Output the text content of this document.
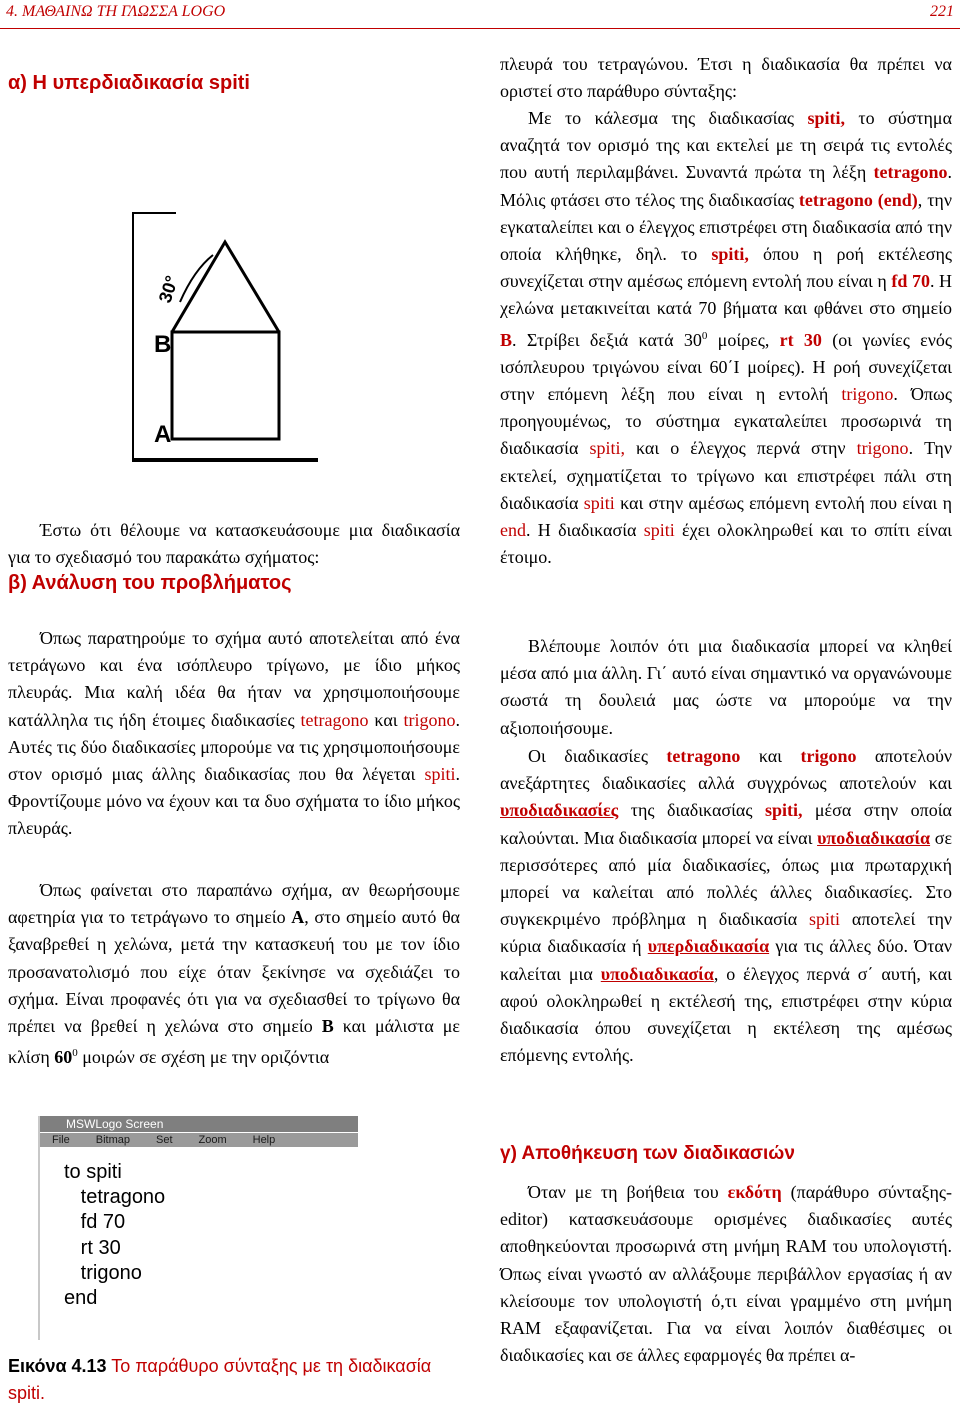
4. ΜΑΘΑΙΝΩ ΤΗ ΓΛΩΣΣΑ LOGO	221
α) Η υπερδιαδικασία spiti
30°
B
A

Έστω ότι θέλουμε να κατασκευάσουμε μια διαδικασία για το σχεδιασμό του παρακάτω σχήματος:

β) Ανάλυση του προβλήματος

Όπως παρατηρούμε το σχήμα αυτό αποτελείται από ένα τετράγωνο και ένα ισόπλευρο τρίγωνο, με ίδιο μήκος πλευράς. Μια καλή ιδέα θα ήταν να χρησιμοποιήσουμε κατάλληλα τις ήδη έτοιμες διαδικασίες tetragono και trigono. Αυτές τις δύο διαδικασίες μπορούμε να τις χρησιμοποιήσουμε στον ορισμό μιας άλλης διαδικασίας που θα λέγεται spiti. Φροντίζουμε μόνο να έχουν και τα δυο σχήματα το ίδιο μήκος πλευράς.

Όπως φαίνεται στο παραπάνω σχήμα, αν θεωρήσουμε αφετηρία για το τετράγωνο το σημείο A, στο σημείο αυτό θα ξαναβρεθεί η χελώνα, μετά την κατασκευή του με τον ίδιο προσανατολισμό που είχε όταν ξεκίνησε να σχεδιάζει το σχήμα. Είναι προφανές ότι για να σχεδιασθεί το τρίγωνο θα πρέπει να βρεθεί η χελώνα στο σημείο B και μάλιστα με κλίση $60^0$ μοιρών σε σχέση με την οριζόντια

MSWLogo Screen
File Bitmap Set Zoom Help
to spiti
tetragono
fd 70
rt 30
trigono
end
Εικόνα 4.13 Το παράθυρο σύνταξης με τη διαδικασία spiti.

πλευρά του τετραγώνου. Έτσι η διαδικασία θα πρέπει να οριστεί στο παράθυρο σύνταξης:

Με το κάλεσμα της διαδικασίας spiti, το σύστημα αναζητά τον ορισμό της και εκτελεί με τη σειρά τις εντολές που αυτή περιλαμβάνει. Συναντά πρώτα τη λέξη tetragono. Μόλις φτάσει στο τέλος της διαδικασίας tetragono (end), την εγκαταλείπει και ο έλεγχος επιστρέφει στη διαδικασία από την οποία κλήθηκε, δηλ. το spiti, όπου η ροή εκτέλεσης συνεχίζεται στην αμέσως επόμενη εντολή που είναι η fd 70. Η χελώνα μετακινείται κατά 70 βήματα και φθάνει στο σημείο B. Στρίβει δεξιά κατά $30^0$ μοίρες, rt 30 (οι γωνίες ενός ισόπλευρου τριγώνου είναι 60΄Ι μοίρες). Η ροή συνεχίζεται στην επόμενη λέξη που είναι η εντολή trigono. Όπως προηγουμένως, το σύστημα εγκαταλείπει προσωρινά τη διαδικασία spiti, και ο έλεγχος περνά στην trigono. Την εκτελεί, σχηματίζεται το τρίγωνο και επιστρέφει πάλι στη διαδικασία spiti και στην αμέσως επόμενη εντολή που είναι η end. Η διαδικασία spiti έχει ολοκληρωθεί και το σπίτι είναι έτοιμο.

Βλέπουμε λοιπόν ότι μια διαδικασία μπορεί να κληθεί μέσα από μια άλλη. Γι΄ αυτό είναι σημαντικό να οργανώνουμε σωστά τη δουλειά μας ώστε να μπορούμε να την αξιοποιήσουμε.

Οι διαδικασίες tetragono και trigono αποτελούν ανεξάρτητες διαδικασίες αλλά συγχρόνως αποτελούν και υποδιαδικασίες της διαδικασίας spiti, μέσα στην οποία καλούνται. Μια διαδικασία μπορεί να είναι υποδιαδικασία σε περισσότερες από μία διαδικασίες, όπως μια πρωταρχική μπορεί να καλείται από πολλές άλλες διαδικασίες. Στο συγκεκριμένο πρόβλημα η διαδικασία spiti αποτελεί την κύρια διαδικασία ή υπερδιαδικασία για τις άλλες δύο. Όταν καλείται μια υποδιαδικασία, ο έλεγχος περνά σ΄ αυτή, και αφού ολοκληρωθεί η εκτέλεσή της, επιστρέφει στην κύρια διαδικασία όπου συνεχίζεται η εκτέλεση της αμέσως επόμενης εντολής.

γ) Αποθήκευση των διαδικασιών

Όταν με τη βοήθεια του εκδότη (παράθυρο σύνταξης-editor) κατασκευάσουμε ορισμένες διαδικασίες αυτές αποθηκεύονται προσωρινά στη μνήμη RAM του υπολογιστή. Όπως είναι γνωστό αν αλλάξουμε περιβάλλον εργασίας ή αν κλείσουμε τον υπολογιστή ό,τι είναι γραμμένο στη μνήμη RAM εξαφανίζεται. Για να είναι λοιπόν διαθέσιμες οι διαδικασίες και σε άλλες εφαρμογές θα πρέπει α-
